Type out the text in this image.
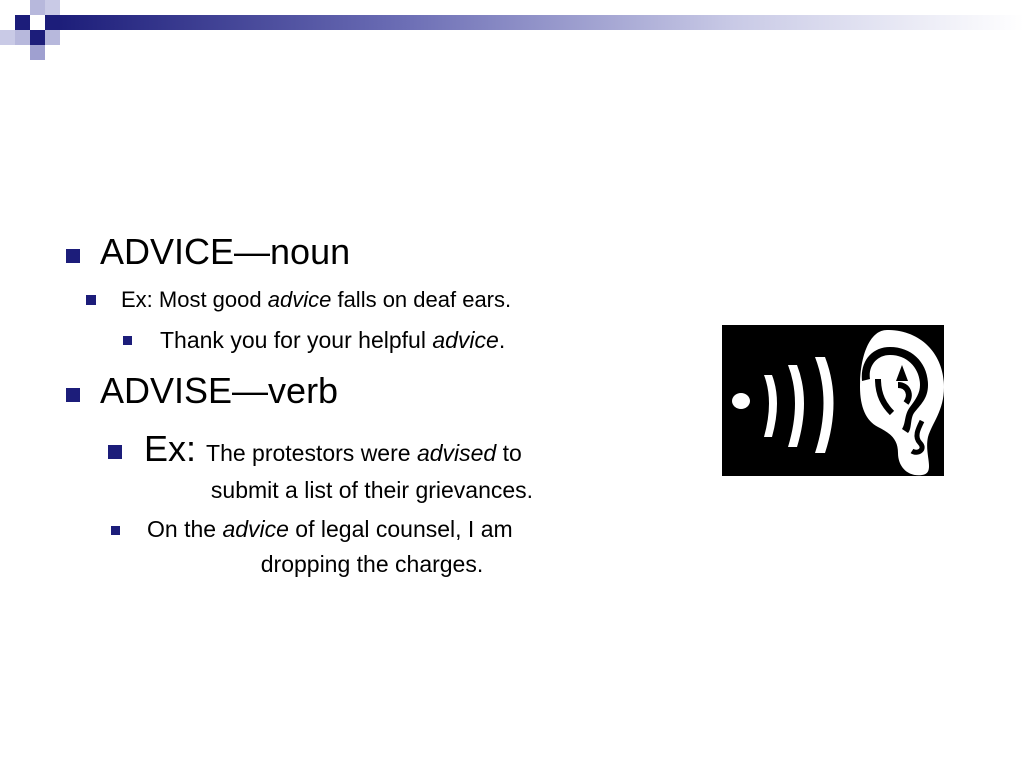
ADVICE—noun
Ex: Most good advice falls on deaf ears.
Thank you for your helpful advice.
ADVISE—verb
Ex: The protestors were advised to
submit a list of their grievances.
On the advice of legal counsel, I am
dropping the charges.
